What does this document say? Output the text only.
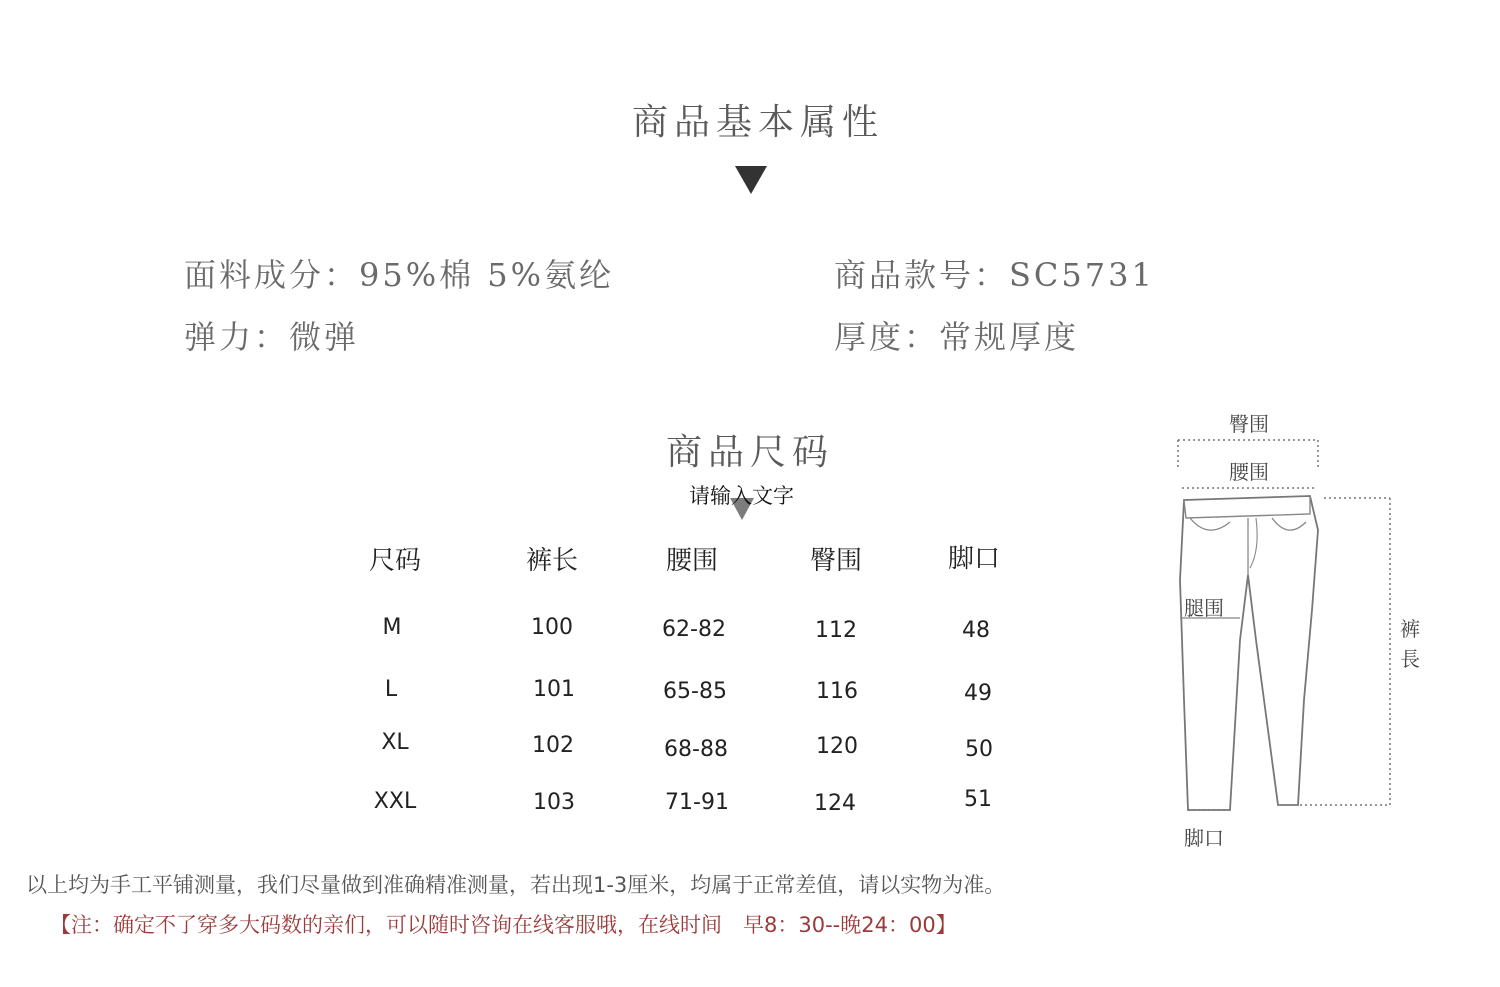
商品基本属性
面料成分：95%棉 5%氨纶	商品款号：SC5731
弹力：微弹	厚度：常规厚度
商品尺码
请输入文字
尺码	裤长	腰围	臀围	脚口
M	100	62-82	112	48
L	101	65-85	116	49
XL	102	68-88	120	50
XXL	103	71-91	124	51
臀围
腰围
腿围
裤長
脚口
以上均为手工平铺测量，我们尽量做到准确精准测量，若出现1-3厘米，均属于正常差值，请以实物为准。
【注：确定不了穿多大码数的亲们，可以随时咨询在线客服哦，在线时间　早8：30--晚24：00】
